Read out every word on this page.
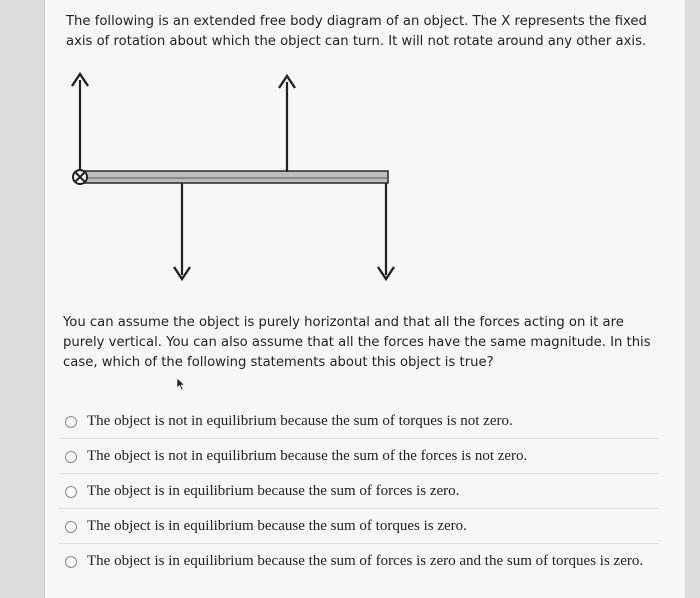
The following is an extended free body diagram of an object. The X represents the fixed axis of rotation about which the object can turn. It will not rotate around any other axis.
You can assume the object is purely horizontal and that all the forces acting on it are purely vertical. You can also assume that all the forces have the same magnitude. In this case, which of the following statements about this object is true?
The object is not in equilibrium because the sum of torques is not zero.
The object is not in equilibrium because the sum of the forces is not zero.
The object is in equilibrium because the sum of forces is zero.
The object is in equilibrium because the sum of torques is zero.
The object is in equilibrium because the sum of forces is zero and the sum of torques is zero.
